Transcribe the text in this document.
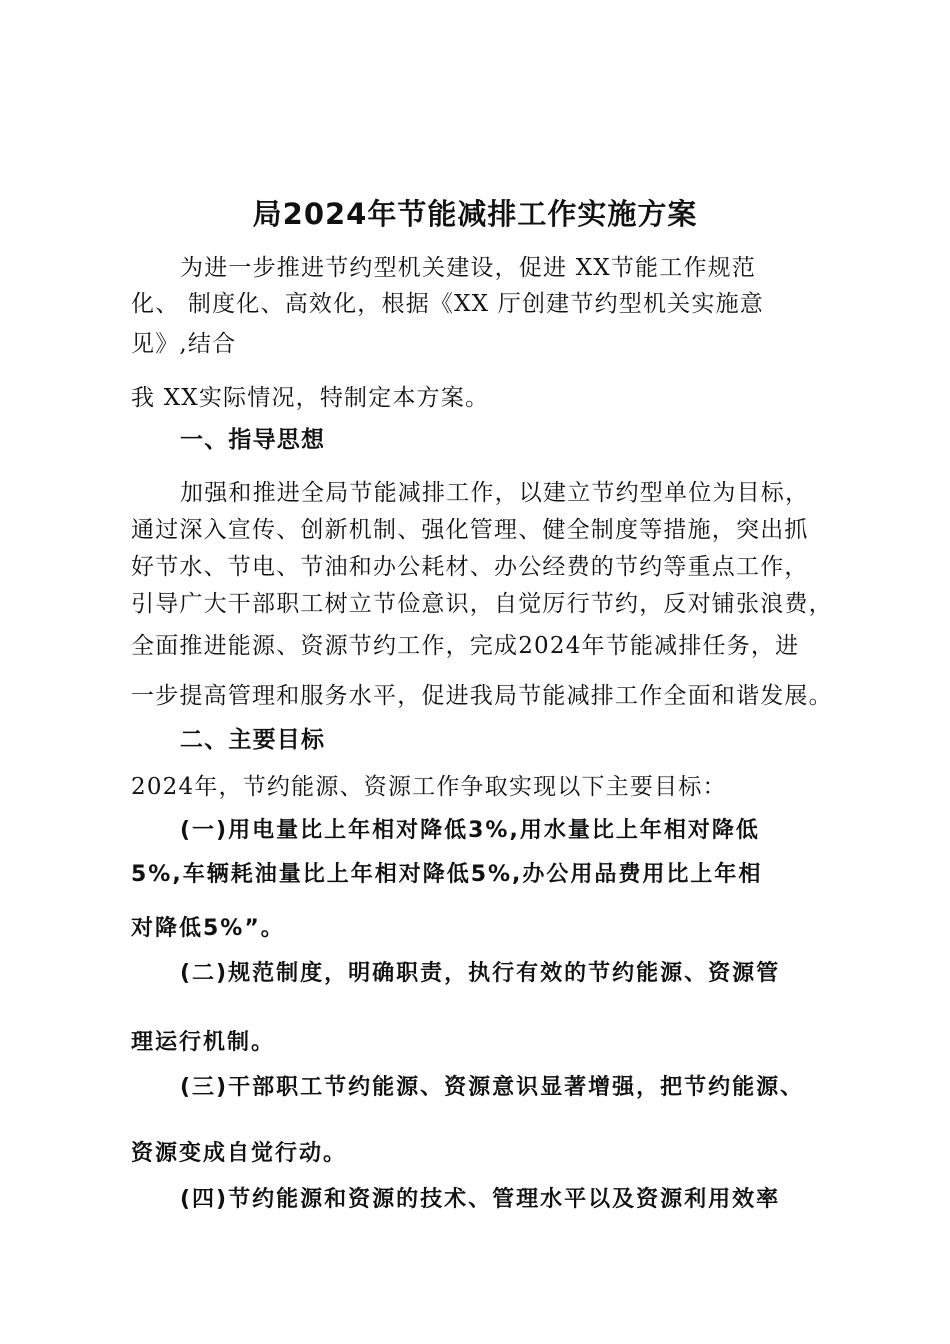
局2024年节能减排工作实施方案
为进一步推进节约型机关建设，促进 XX节能工作规范
化、 制度化、高效化，根据《XX 厅创建节约型机关实施意
见》,结合
我 XX实际情况，特制定本方案。
一、指导思想
加强和推进全局节能减排工作，以建立节约型单位为目标，
通过深入宣传、创新机制、强化管理、健全制度等措施，突出抓
好节水、节电、节油和办公耗材、办公经费的节约等重点工作，
引导广大干部职工树立节俭意识，自觉厉行节约，反对铺张浪费，
全面推进能源、资源节约工作，完成2024年节能减排任务，进
一步提高管理和服务水平，促进我局节能减排工作全面和谐发展。
二、主要目标
2024年，节约能源、资源工作争取实现以下主要目标：
(一)用电量比上年相对降低3%,用水量比上年相对降低
5%,车辆耗油量比上年相对降低5%,办公用品费用比上年相
对降低5%”。
(二)规范制度，明确职责，执行有效的节约能源、资源管
理运行机制。
(三)干部职工节约能源、资源意识显著增强，把节约能源、
资源变成自觉行动。
(四)节约能源和资源的技术、管理水平以及资源利用效率
